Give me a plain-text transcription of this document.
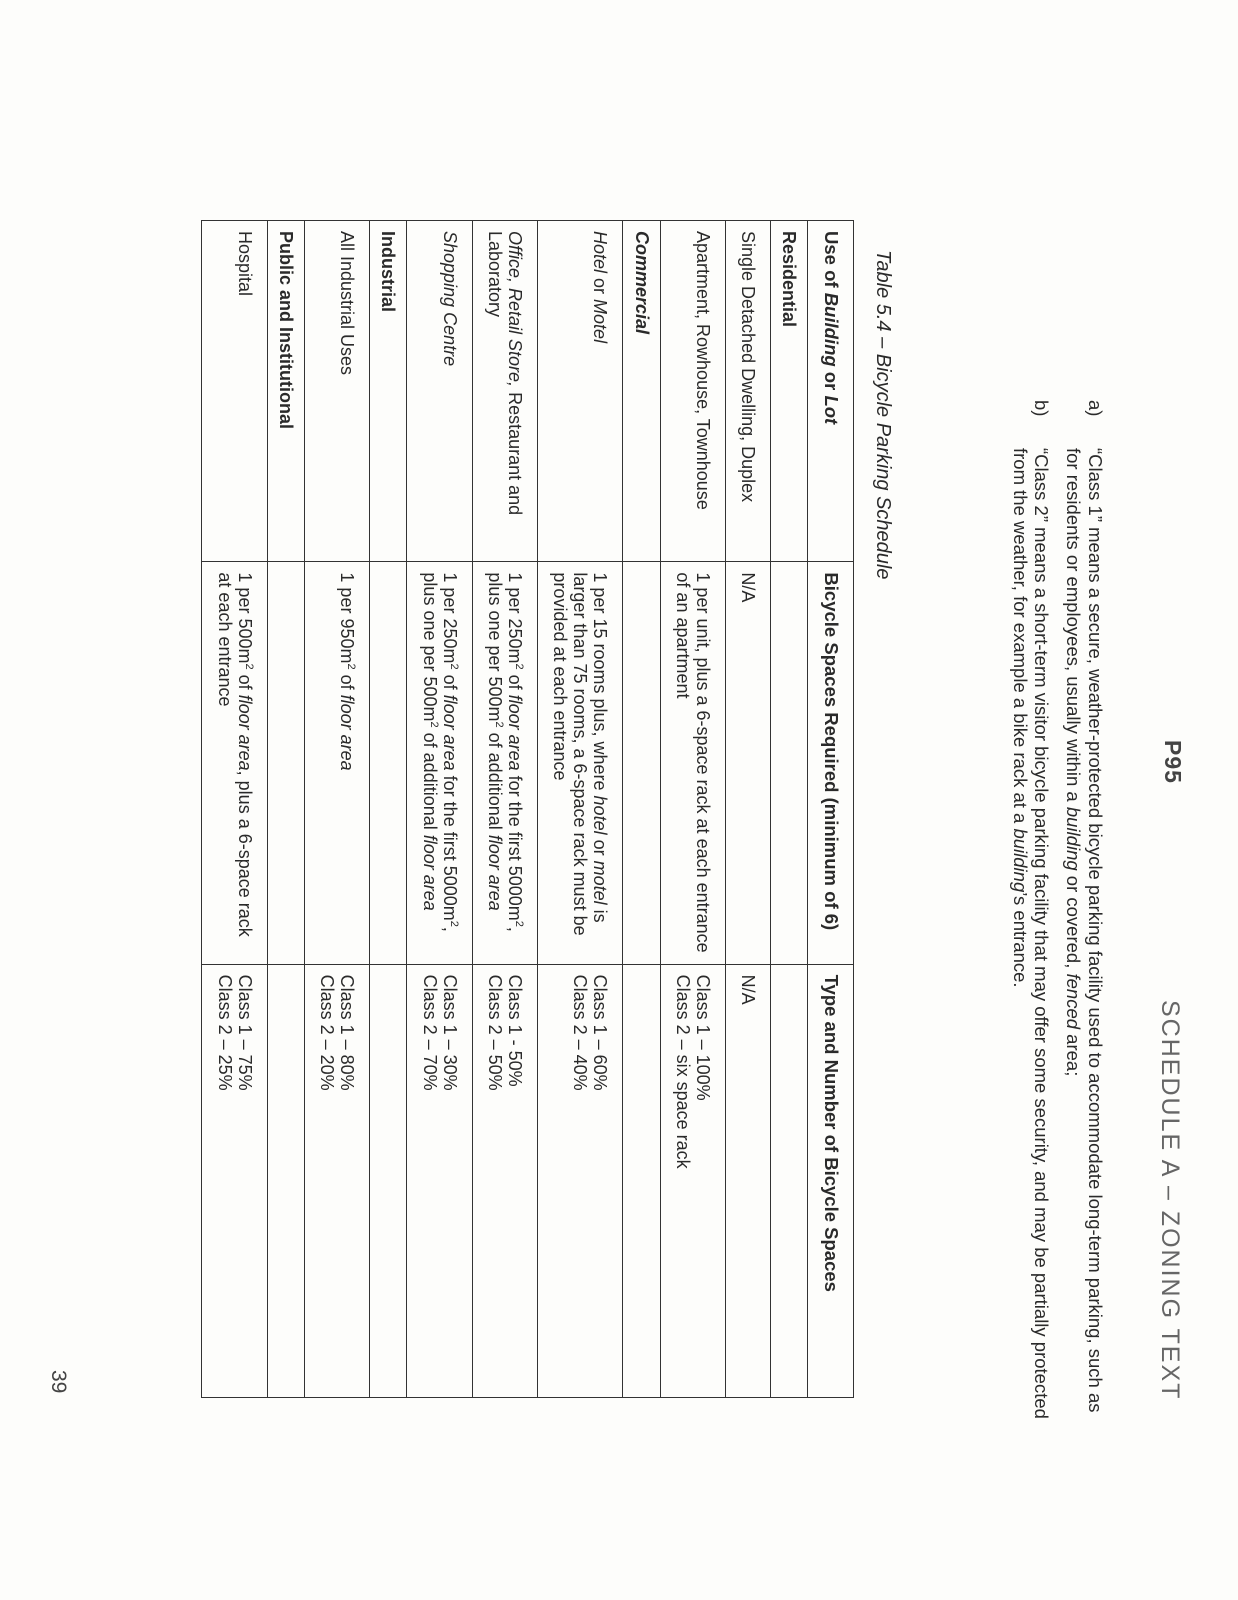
SCHEDULE A – ZONING TEXT
P95
39
a)
“Class 1” means a secure, weather-protected bicycle parking facility used to accommodate long-term parking, such as for residents or employees, usually within a building or covered, fenced area;
b)
“Class 2” means a short-term visitor bicycle parking facility that may offer some security, and may be partially protected from the weather, for example a bike rack at a building’s entrance.
Table 5.4 – Bicycle Parking Schedule
Use of Building or Lot	Bicycle Spaces Required (minimum of 6)	Type and Number of Bicycle Spaces
Residential		
Single Detached Dwelling, Duplex	N/A	N/A
Apartment, Rowhouse, Townhouse	1 per unit, plus a 6-space rack at each entrance of an apartment	Class 1 – 100%
Class 2 – six space rack

Commercial		
Hotel or Motel	1 per 15 rooms plus, where hotel or motel is larger than 75 rooms, a 6-space rack must be provided at each entrance	Class 1 – 60%
Class 2 – 40%

Office, Retail Store, Restaurant and Laboratory	1 per $250m^2$ of floor area for the first $5000m^2$, plus one per $500m^2$ of additional floor area	Class 1 - 50%
Class 2 – 50%

Shopping Centre	1 per $250m^2$ of floor area for the first $5000m^2$, plus one per $500m^2$ of additional floor area	Class 1 – 30%
Class 2 – 70%

Industrial		
All Industrial Uses	1 per $950m^2$ of floor area	Class 1 – 80%
Class 2 – 20%

Public and Institutional		
Hospital	1 per $500m^2$ of floor area, plus a 6-space rack at each entrance	Class 1 – 75%
Class 2 – 25%
